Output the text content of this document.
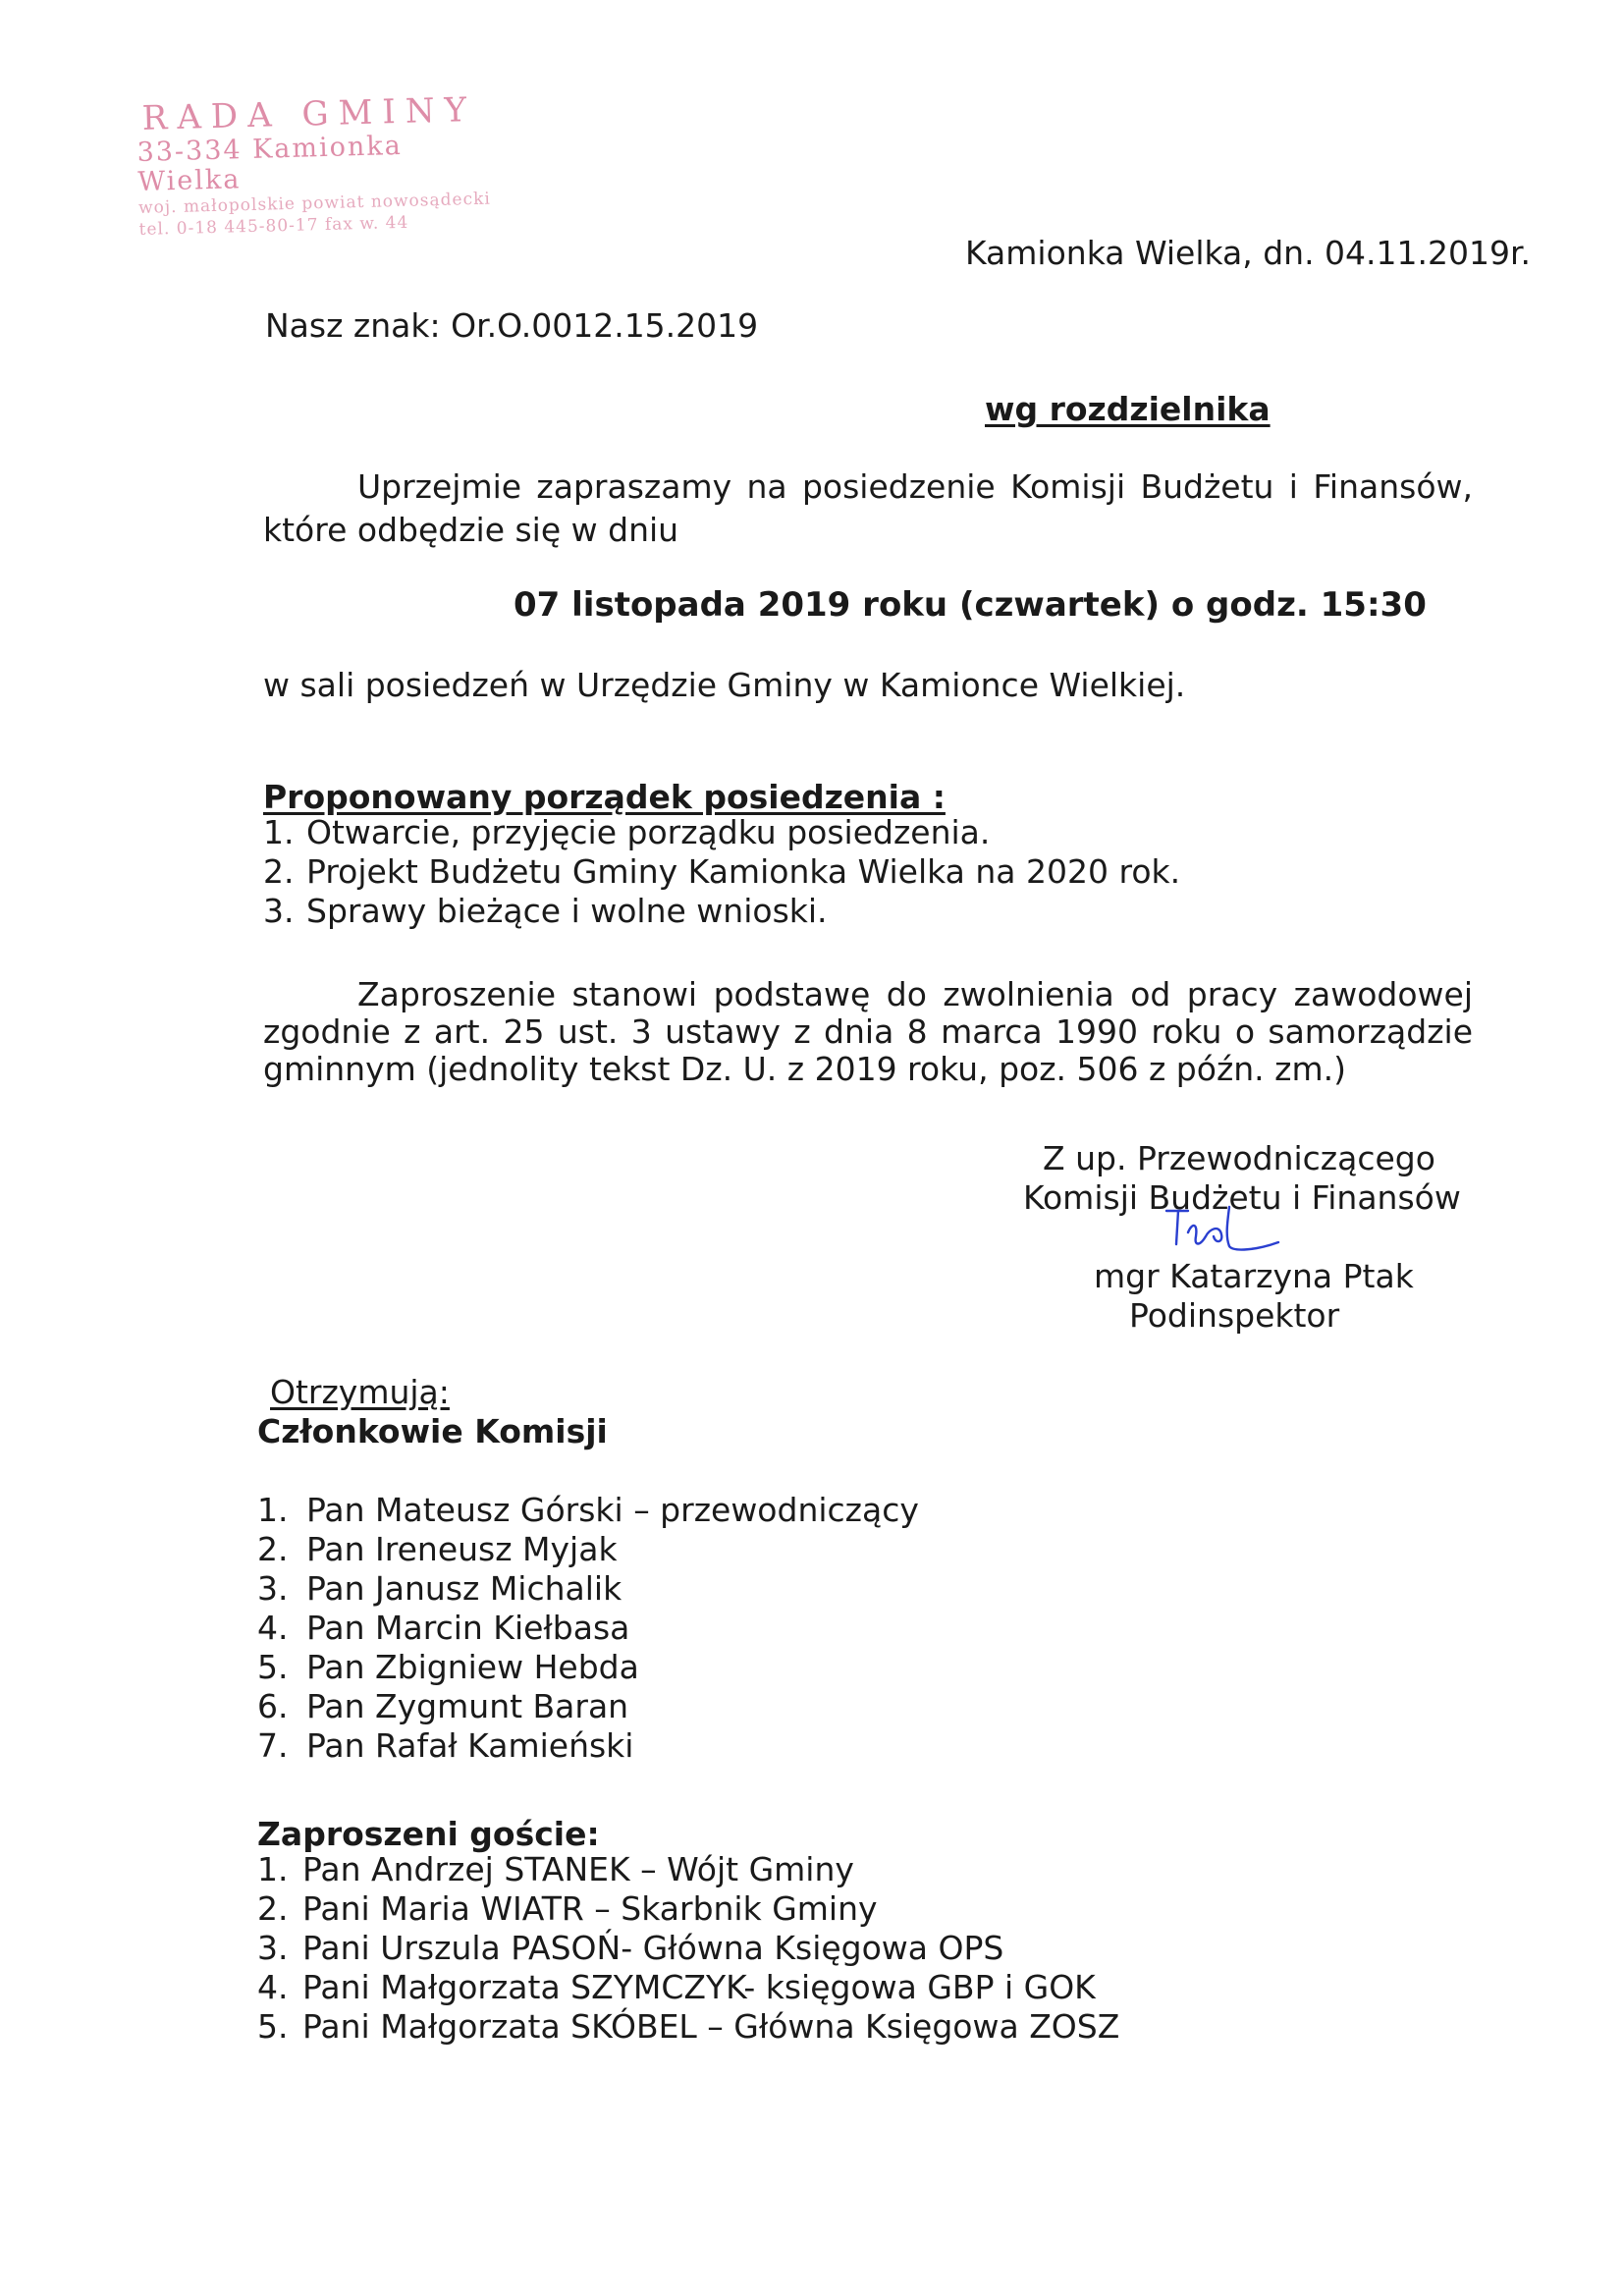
RADA GMINY
33-334 Kamionka Wielka
woj. małopolskie powiat nowosądecki
tel. 0-18 445-80-17 fax w. 44
Kamionka Wielka, dn. 04.11.2019r.
Nasz znak: Or.O.0012.15.2019
wg rozdzielnika
Uprzejmie zapraszamy na posiedzenie Komisji Budżetu i Finansów, które odbędzie się w dniu
07 listopada 2019 roku (czwartek) o godz. 15:30
w sali posiedzeń w Urzędzie Gminy w Kamionce Wielkiej.
Proponowany porządek posiedzenia :
1. Otwarcie, przyjęcie porządku posiedzenia.
2. Projekt Budżetu Gminy Kamionka Wielka na 2020 rok.
3. Sprawy bieżące i wolne wnioski.
Zaproszenie stanowi podstawę do zwolnienia od pracy zawodowej zgodnie z art. 25 ust. 3 ustawy z dnia 8 marca 1990 roku o samorządzie gminnym (jednolity tekst Dz. U. z 2019 roku, poz. 506 z późn. zm.)
Z up. Przewodniczącego
Komisji Budżetu i Finansów
mgr Katarzyna Ptak
Podinspektor
Otrzymują:
Członkowie Komisji
1. Pan Mateusz Górski – przewodniczący
2. Pan Ireneusz Myjak
3. Pan Janusz Michalik
4. Pan Marcin Kiełbasa
5. Pan Zbigniew Hebda
6. Pan Zygmunt Baran
7. Pan Rafał Kamieński
Zaproszeni goście:
1. Pan Andrzej STANEK – Wójt Gminy
2. Pani Maria WIATR – Skarbnik Gminy
3. Pani Urszula PASOŃ- Główna Księgowa OPS
4. Pani Małgorzata SZYMCZYK- księgowa GBP i GOK
5. Pani Małgorzata SKÓBEL – Główna Księgowa ZOSZ
